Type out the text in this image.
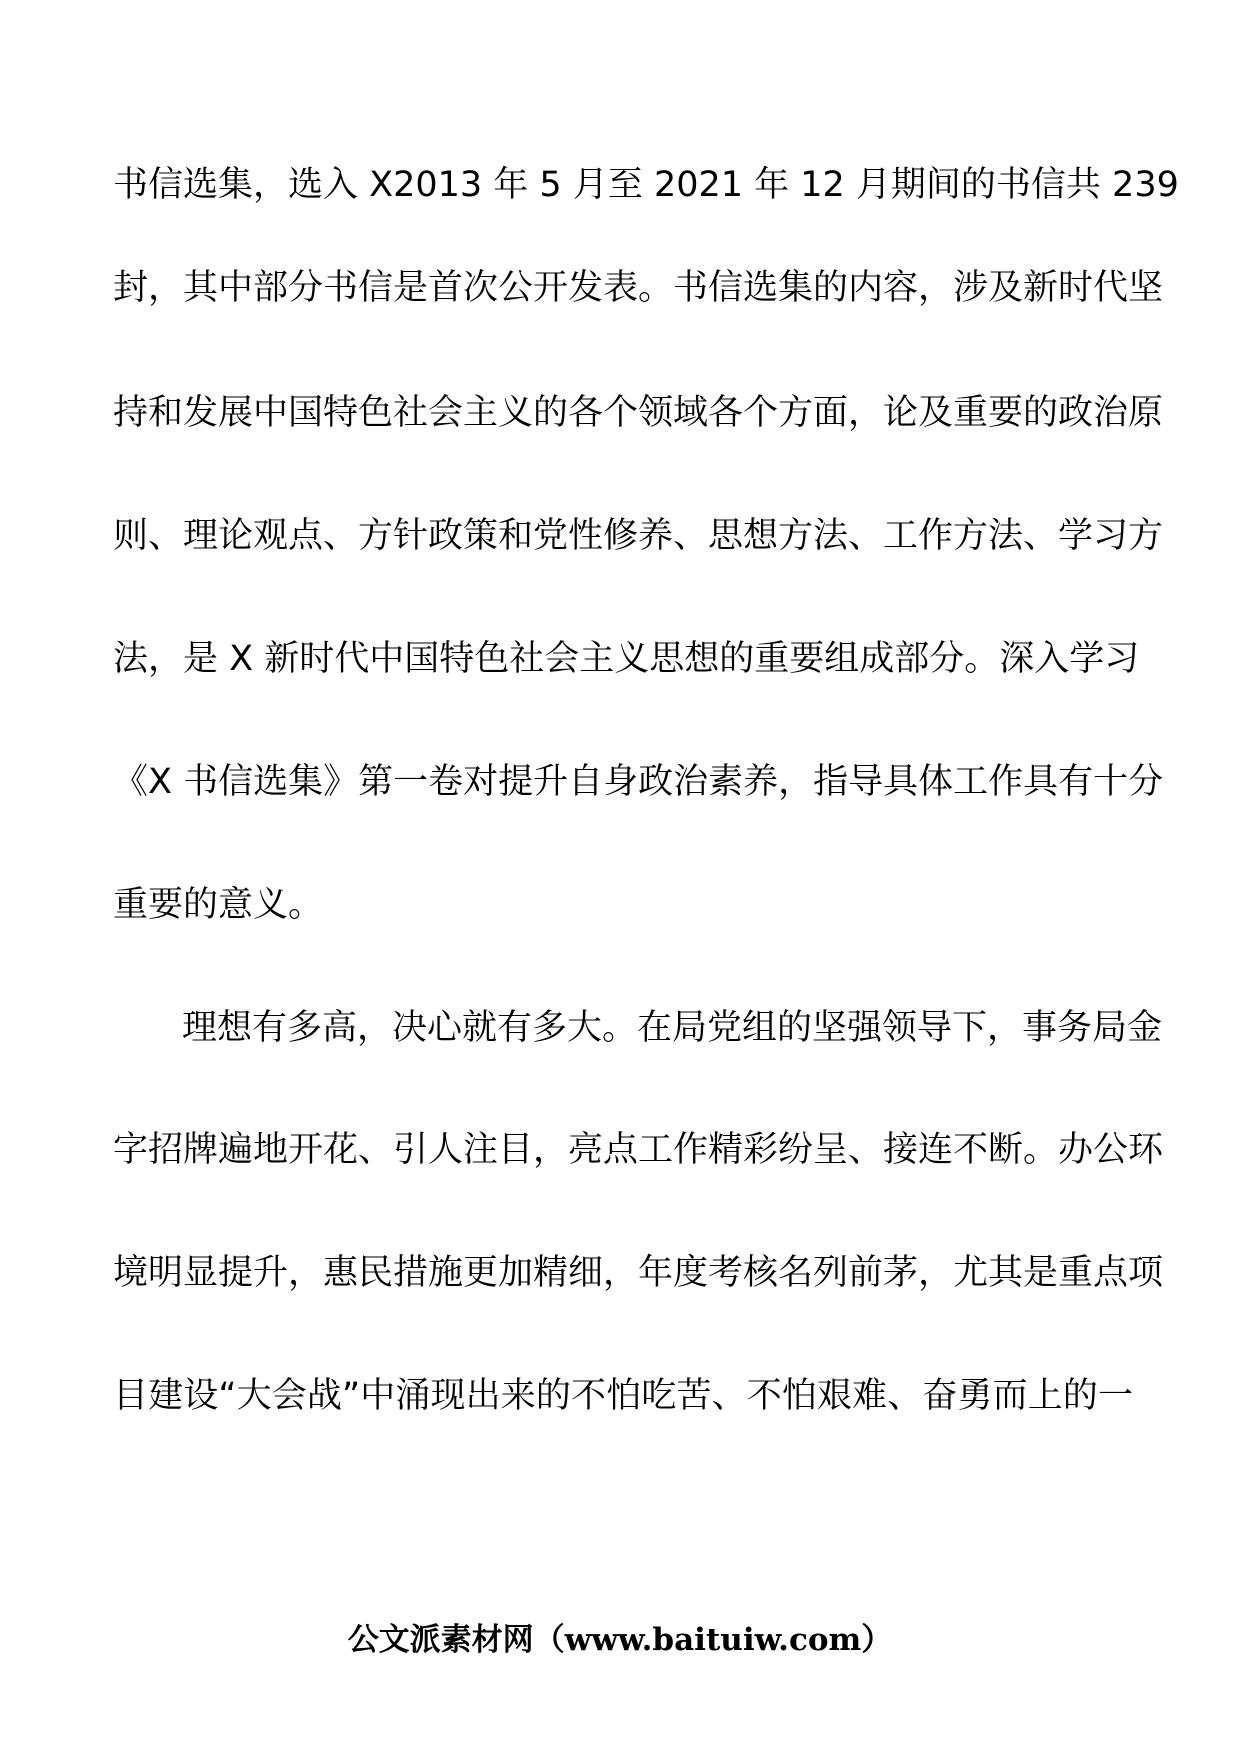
书信选集，选入 X2013 年 5 月至 2021 年 12 月期间的书信共 239
封，其中部分书信是首次公开发表。书信选集的内容，涉及新时代坚
持和发展中国特色社会主义的各个领域各个方面，论及重要的政治原
则、理论观点、方针政策和党性修养、思想方法、工作方法、学习方
法，是 X 新时代中国特色社会主义思想的重要组成部分。深入学习
《X 书信选集》第一卷对提升自身政治素养，指导具体工作具有十分
重要的意义。
理想有多高，决心就有多大。在局党组的坚强领导下，事务局金
字招牌遍地开花、引人注目，亮点工作精彩纷呈、接连不断。办公环
境明显提升，惠民措施更加精细，年度考核名列前茅，尤其是重点项
目建设“大会战”中涌现出来的不怕吃苦、不怕艰难、奋勇而上的一
公文派素材网（www.baituiw.com）
